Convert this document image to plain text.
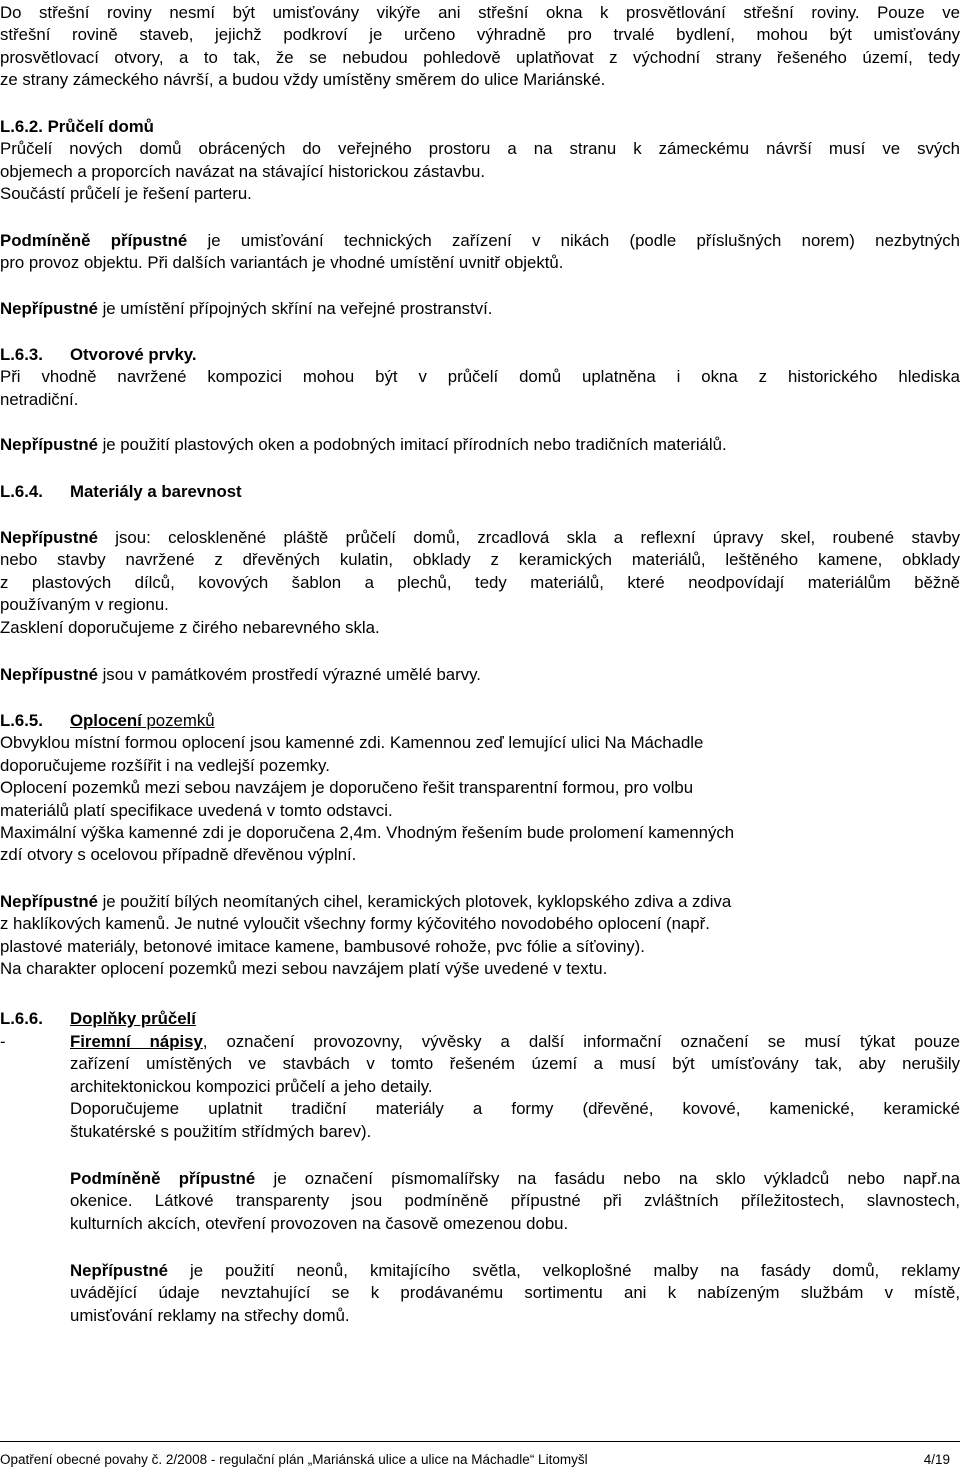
Do střešní roviny nesmí být umisťovány vikýře ani střešní okna k prosvětlování střešní roviny. Pouze ve

střešní rovině staveb, jejichž podkroví je určeno výhradně pro trvalé bydlení, mohou být umisťovány

prosvětlovací otvory, a to tak, že se nebudou pohledově uplatňovat z východní strany řešeného území, tedy

ze strany zámeckého návrší, a budou vždy umístěny směrem do ulice Mariánské.

L.6.2. Průčelí domů

Průčelí nových domů obrácených do veřejného prostoru a na stranu k zámeckému návrší musí ve svých

objemech a proporcích navázat na stávající historickou zástavbu.

Součástí průčelí je řešení parteru.

Podmíněně přípustné je umisťování technických zařízení v nikách (podle příslušných norem) nezbytných

pro provoz objektu. Při dalších variantách je vhodné umístění uvnitř objektů.

Nepřípustné je umístění přípojných skříní na veřejné prostranství.

L.6.3. Otvorové prvky.

Při vhodně navržené kompozici mohou být v průčelí domů uplatněna i okna z historického hlediska

netradiční.

Nepřípustné je použití plastových oken a podobných imitací přírodních nebo tradičních materiálů.

L.6.4. Materiály a barevnost

Nepřípustné jsou: celoskleněné pláště průčelí domů, zrcadlová skla a reflexní úpravy skel, roubené stavby

nebo stavby navržené z dřevěných kulatin, obklady z keramických materiálů, leštěného kamene, obklady

z plastových dílců, kovových šablon a plechů, tedy materiálů, které neodpovídají materiálům běžně

používaným v regionu.

Zasklení doporučujeme z čirého nebarevného skla.

Nepřípustné jsou v památkovém prostředí výrazné umělé barvy.

L.6.5. Oplocení pozemků

Obvyklou místní formou oplocení jsou kamenné zdi. Kamennou zeď lemující ulici Na Máchadle

doporučujeme rozšířit i na vedlejší pozemky.

Oplocení pozemků mezi sebou navzájem je doporučeno řešit transparentní formou, pro volbu

materiálů platí specifikace uvedená v tomto odstavci.

Maximální výška kamenné zdi je doporučena 2,4m. Vhodným řešením bude prolomení kamenných

zdí otvory s ocelovou případně dřevěnou výplní.

Nepřípustné je použití bílých neomítaných cihel, keramických plotovek, kyklopského zdiva a zdiva

z haklíkových kamenů. Je nutné vyloučit všechny formy kýčovitého novodobého oplocení (např.

plastové materiály, betonové imitace kamene, bambusové rohože, pvc fólie a síťoviny).

Na charakter oplocení pozemků mezi sebou navzájem platí výše uvedené v textu.

L.6.6. Doplňky průčelí

-	Firemní nápisy, označení provozovny, vývěsky a další informační označení se musí týkat pouze

zařízení umístěných ve stavbách v tomto řešeném území a musí být umísťovány tak, aby nerušily

architektonickou kompozici průčelí a jeho detaily.

Doporučujeme uplatnit tradiční materiály a formy (dřevěné, kovové, kamenické, keramické

štukatérské s použitím střídmých barev).

Podmíněně přípustné je označení písmomalířsky na fasádu nebo na sklo výkladců nebo např.na

okenice. Látkové transparenty jsou podmíněně přípustné při zvláštních příležitostech, slavnostech,

kulturních akcích, otevření provozoven na časově omezenou dobu.

Nepřípustné je použití neonů, kmitajícího světla, velkoplošné malby na fasády domů, reklamy

uvádějící údaje nevztahující se k prodávanému sortimentu ani k nabízeným službám v místě,

umisťování reklamy na střechy domů.

Opatření obecné povahy č. 2/2008 - regulační plán „Mariánská ulice a ulice na Máchadle“ Litomyšl	4/19
